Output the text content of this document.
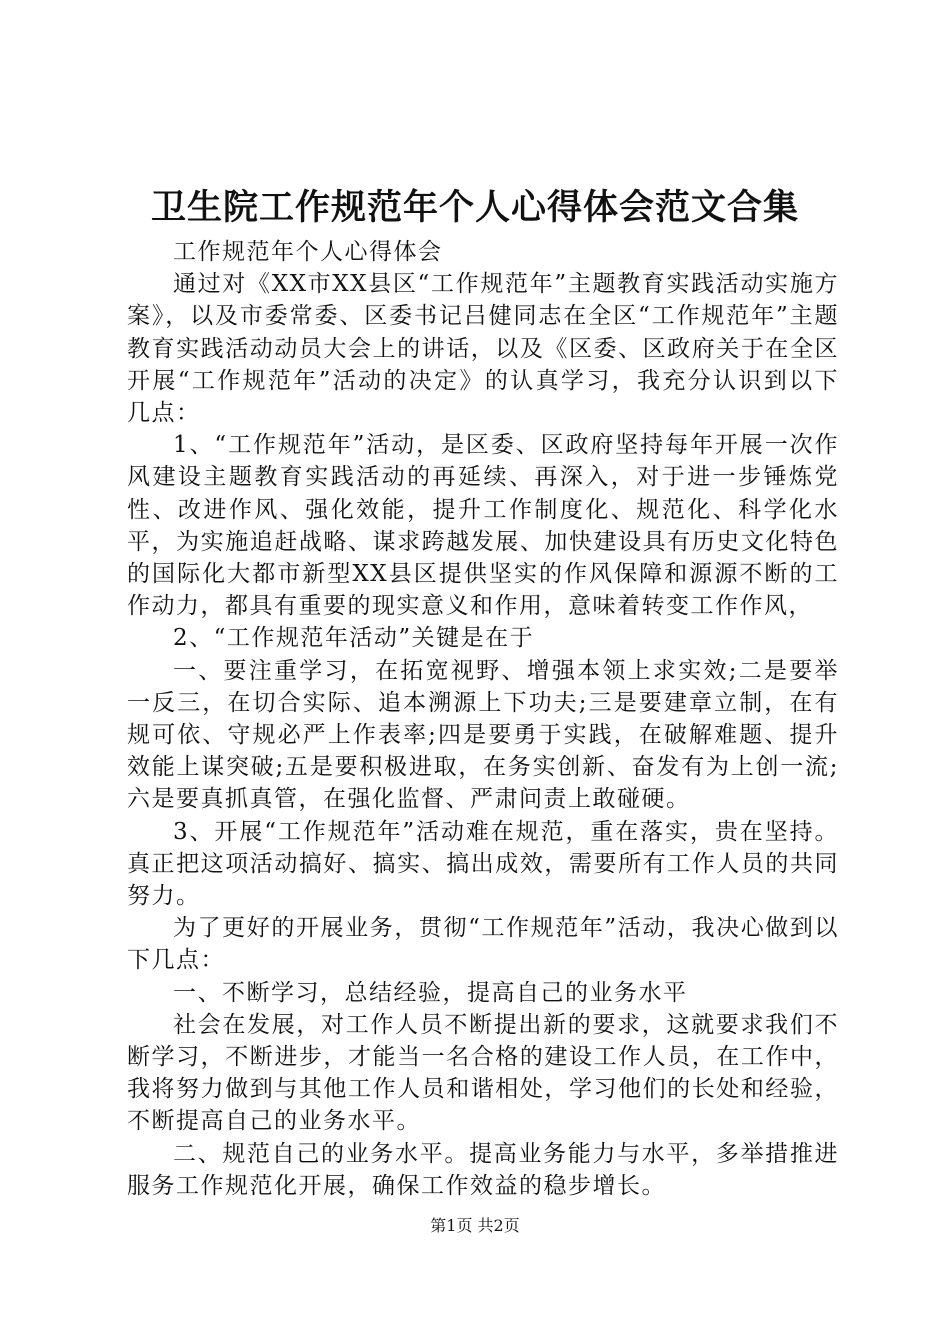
卫生院工作规范年个人心得体会范文合集

工作规范年个人心得体会

通过对《XX市XX县区“工作规范年”主题教育实践活动实施方案》，以及市委常委、区委书记吕健同志在全区“工作规范年”主题教育实践活动动员大会上的讲话，以及《区委、区政府关于在全区开展“工作规范年”活动的决定》的认真学习，我充分认识到以下几点：

1、“工作规范年”活动，是区委、区政府坚持每年开展一次作风建设主题教育实践活动的再延续、再深入，对于进一步锤炼党性、改进作风、强化效能，提升工作制度化、规范化、科学化水平，为实施追赶战略、谋求跨越发展、加快建设具有历史文化特色的国际化大都市新型XX县区提供坚实的作风保障和源源不断的工作动力，都具有重要的现实意义和作用，意味着转变工作作风，

2、“工作规范年活动”关键是在于

一、要注重学习，在拓宽视野、增强本领上求实效;二是要举一反三，在切合实际、追本溯源上下功夫;三是要建章立制，在有规可依、守规必严上作表率;四是要勇于实践，在破解难题、提升效能上谋突破;五是要积极进取，在务实创新、奋发有为上创一流;六是要真抓真管，在强化监督、严肃问责上敢碰硬。

3、开展“工作规范年”活动难在规范，重在落实，贵在坚持。真正把这项活动搞好、搞实、搞出成效，需要所有工作人员的共同努力。

为了更好的开展业务，贯彻“工作规范年”活动，我决心做到以下几点：

一、不断学习，总结经验，提高自己的业务水平

社会在发展，对工作人员不断提出新的要求，这就要求我们不断学习，不断进步，才能当一名合格的建设工作人员，在工作中，我将努力做到与其他工作人员和谐相处，学习他们的长处和经验，不断提高自己的业务水平。

二、规范自己的业务水平。提高业务能力与水平，多举措推进服务工作规范化开展，确保工作效益的稳步增长。

第1页 共2页
